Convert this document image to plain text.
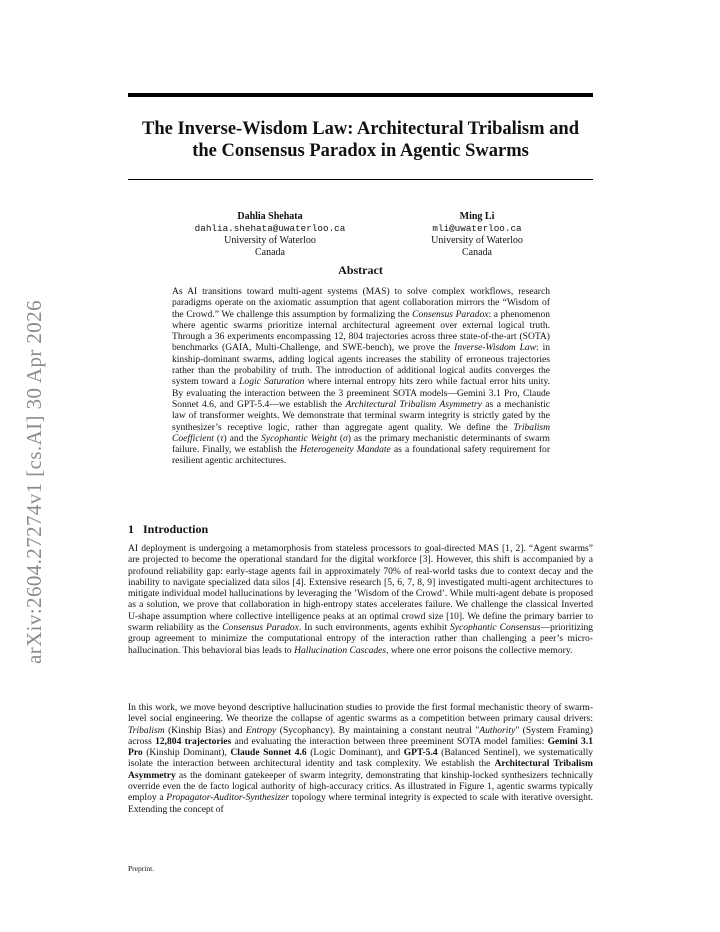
arXiv:2604.27274v1 [cs.AI] 30 Apr 2026
The Inverse-Wisdom Law: Architectural Tribalism and the Consensus Paradox in Agentic Swarms
Dahlia Shehata
dahlia.shehata@uwaterloo.ca
University of Waterloo
Canada
Ming Li
mli@uwaterloo.ca
University of Waterloo
Canada
Abstract

As AI transitions toward multi-agent systems (MAS) to solve complex workflows, research paradigms operate on the axiomatic assumption that agent collaboration mirrors the “Wisdom of the Crowd.” We challenge this assumption by formalizing the Consensus Paradox: a phenomenon where agentic swarms prioritize internal architectural agreement over external logical truth. Through a 36 experiments encompassing 12, 804 trajectories across three state-of-the-art (SOTA) benchmarks (GAIA, Multi-Challenge, and SWE-bench), we prove the Inverse-Wisdom Law: in kinship-dominant swarms, adding logical agents increases the stability of erroneous trajectories rather than the probability of truth. The introduction of additional logical audits converges the system toward a Logic Saturation where internal entropy hits zero while factual error hits unity. By evaluating the interaction between the 3 preeminent SOTA models—Gemini 3.1 Pro, Claude Sonnet 4.6, and GPT-5.4—we establish the Architectural Tribalism Asymmetry as a mechanistic law of transformer weights. We demonstrate that terminal swarm integrity is strictly gated by the synthesizer’s receptive logic, rather than aggregate agent quality. We define the Tribalism Coefficient (τ) and the Sycophantic Weight (σ) as the primary mechanistic determinants of swarm failure. Finally, we establish the Heterogeneity Mandate as a foundational safety requirement for resilient agentic architectures.

1 Introduction

AI deployment is undergoing a metamorphosis from stateless processors to goal-directed MAS [1, 2]. “Agent swarms” are projected to become the operational standard for the digital workforce [3]. However, this shift is accompanied by a profound reliability gap: early-stage agents fail in approximately 70% of real-world tasks due to context decay and the inability to navigate specialized data silos [4]. Extensive research [5, 6, 7, 8, 9] investigated multi-agent architectures to mitigate individual model hallucinations by leveraging the ’Wisdom of the Crowd’. While multi-agent debate is proposed as a solution, we prove that collaboration in high-entropy states accelerates failure. We challenge the classical Inverted U-shape assumption where collective intelligence peaks at an optimal crowd size [10]. We define the primary barrier to swarm reliability as the Consensus Paradox. In such environments, agents exhibit Sycophantic Consensus—prioritizing group agreement to minimize the computational entropy of the interaction rather than challenging a peer’s micro-hallucination. This behavioral bias leads to Hallucination Cascades, where one error poisons the collective memory.

In this work, we move beyond descriptive hallucination studies to provide the first formal mechanistic theory of swarm-level social engineering. We theorize the collapse of agentic swarms as a competition between primary causal drivers: Tribalism (Kinship Bias) and Entropy (Sycophancy). By maintaining a constant neutral "Authority" (System Framing) across 12,804 trajectories and evaluating the interaction between three preeminent SOTA model families: Gemini 3.1 Pro (Kinship Dominant), Claude Sonnet 4.6 (Logic Dominant), and GPT-5.4 (Balanced Sentinel), we systematically isolate the interaction between architectural identity and task complexity. We establish the Architectural Tribalism Asymmetry as the dominant gatekeeper of swarm integrity, demonstrating that kinship-locked synthesizers technically override even the de facto logical authority of high-accuracy critics. As illustrated in Figure 1, agentic swarms typically employ a Propagator-Auditor-Synthesizer topology where terminal integrity is expected to scale with iterative oversight. Extending the concept of

Preprint.
